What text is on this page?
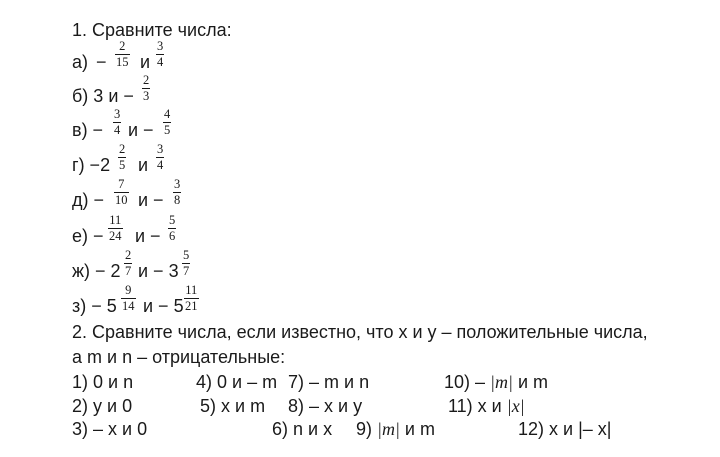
1. Сравните числа:
а) −
2
15 и
3
4
б) 3 и −
2
3
в) −
3
4 и −
4
5
г) −2
2
5 и
3
4
д) −
7
10 и −
3
8
е) −
11
24 и −
5
6
ж) − 2
2
7 и − 3
5
7
з) − 5
9
14 и − 5
11
21
2. Сравните числа, если известно, что х и у – положительные числа,
а m и n – отрицательные:
1) 0 и n	4) 0 и – m 7) – m и n	10) – |m| и m
2) у и 0	5) х и m 8) – х и у	11) х и |x|
3) – х и 0	6) n и х 9) |m| и m	12) х и |– x|
